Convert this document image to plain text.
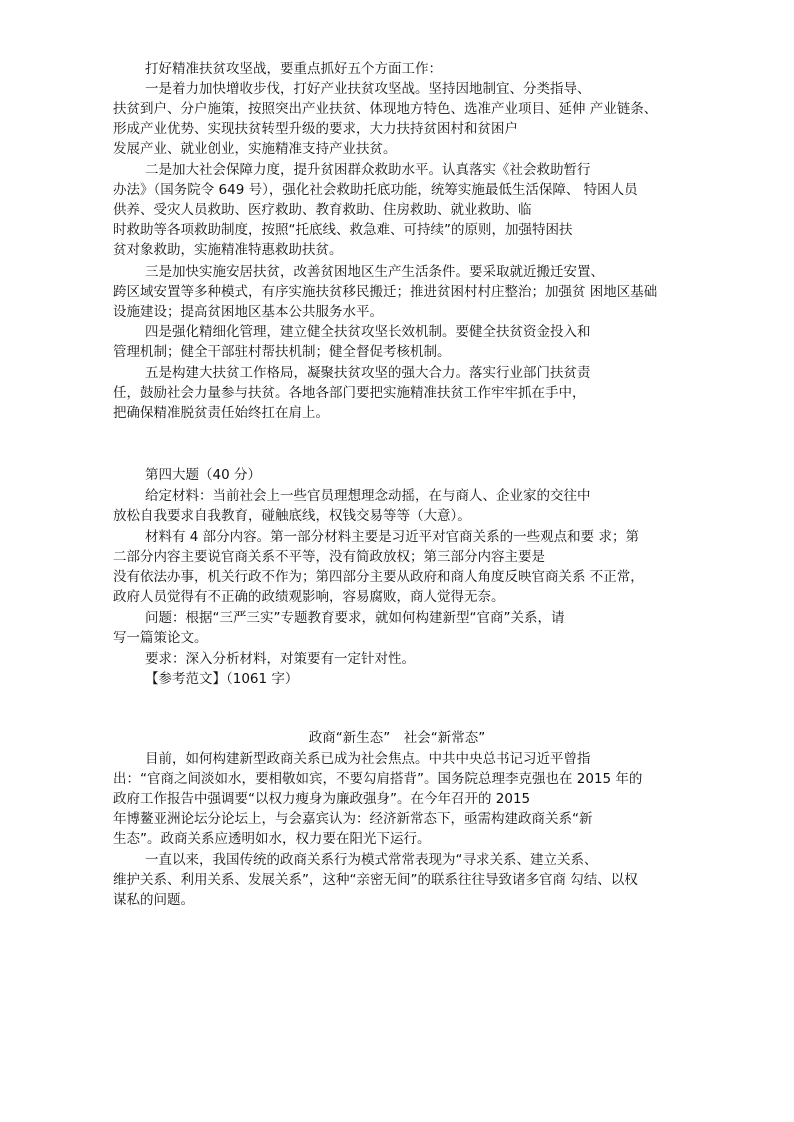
打好精准扶贫攻坚战，要重点抓好五个方面工作：

一是着力加快增收步伐，打好产业扶贫攻坚战。坚持因地制宜、分类指导、

扶贫到户、分户施策，按照突出产业扶贫、体现地方特色、选准产业项目、延伸 产业链条、

形成产业优势、实现扶贫转型升级的要求，大力扶持贫困村和贫困户

发展产业、就业创业，实施精准支持产业扶贫。

二是加大社会保障力度，提升贫困群众救助水平。认真落实《社会救助暂行

办法》（国务院令 649 号），强化社会救助托底功能，统筹实施最低生活保障、 特困人员

供养、受灾人员救助、医疗救助、教育救助、住房救助、就业救助、临

时救助等各项救助制度，按照“托底线、救急难、可持续”的原则，加强特困扶

贫对象救助，实施精准特惠救助扶贫。

三是加快实施安居扶贫，改善贫困地区生产生活条件。要采取就近搬迁安置、

跨区域安置等多种模式，有序实施扶贫移民搬迁；推进贫困村村庄整治；加强贫 困地区基础

设施建设；提高贫困地区基本公共服务水平。

四是强化精细化管理，建立健全扶贫攻坚长效机制。要健全扶贫资金投入和

管理机制；健全干部驻村帮扶机制；健全督促考核机制。

五是构建大扶贫工作格局，凝聚扶贫攻坚的强大合力。落实行业部门扶贫责

任，鼓励社会力量参与扶贫。各地各部门要把实施精准扶贫工作牢牢抓在手中，

把确保精准脱贫责任始终扛在肩上。

第四大题（40 分）

给定材料：当前社会上一些官员理想理念动摇，在与商人、企业家的交往中

放松自我要求自我教育，碰触底线，权钱交易等等（大意）。

材料有 4 部分内容。第一部分材料主要是习近平对官商关系的一些观点和要 求；第

二部分内容主要说官商关系不平等，没有简政放权；第三部分内容主要是

没有依法办事，机关行政不作为；第四部分主要从政府和商人角度反映官商关系 不正常，

政府人员觉得有不正确的政绩观影响，容易腐败，商人觉得无奈。

问题：根据“三严三实”专题教育要求，就如何构建新型“官商”关系，请

写一篇策论文。

要求：深入分析材料，对策要有一定针对性。

【参考范文】（1061 字）

政商“新生态”　社会“新常态”

目前，如何构建新型政商关系已成为社会焦点。中共中央总书记习近平曾指

出：“官商之间淡如水，要相敬如宾，不要勾肩搭背”。国务院总理李克强也在 2015 年的

政府工作报告中强调要“以权力瘦身为廉政强身”。在今年召开的 2015

年博鳌亚洲论坛分论坛上，与会嘉宾认为：经济新常态下，亟需构建政商关系“新

生态”。政商关系应透明如水，权力要在阳光下运行。

一直以来，我国传统的政商关系行为模式常常表现为“寻求关系、建立关系、

维护关系、利用关系、发展关系”，这种“亲密无间”的联系往往导致诸多官商 勾结、以权

谋私的问题。
